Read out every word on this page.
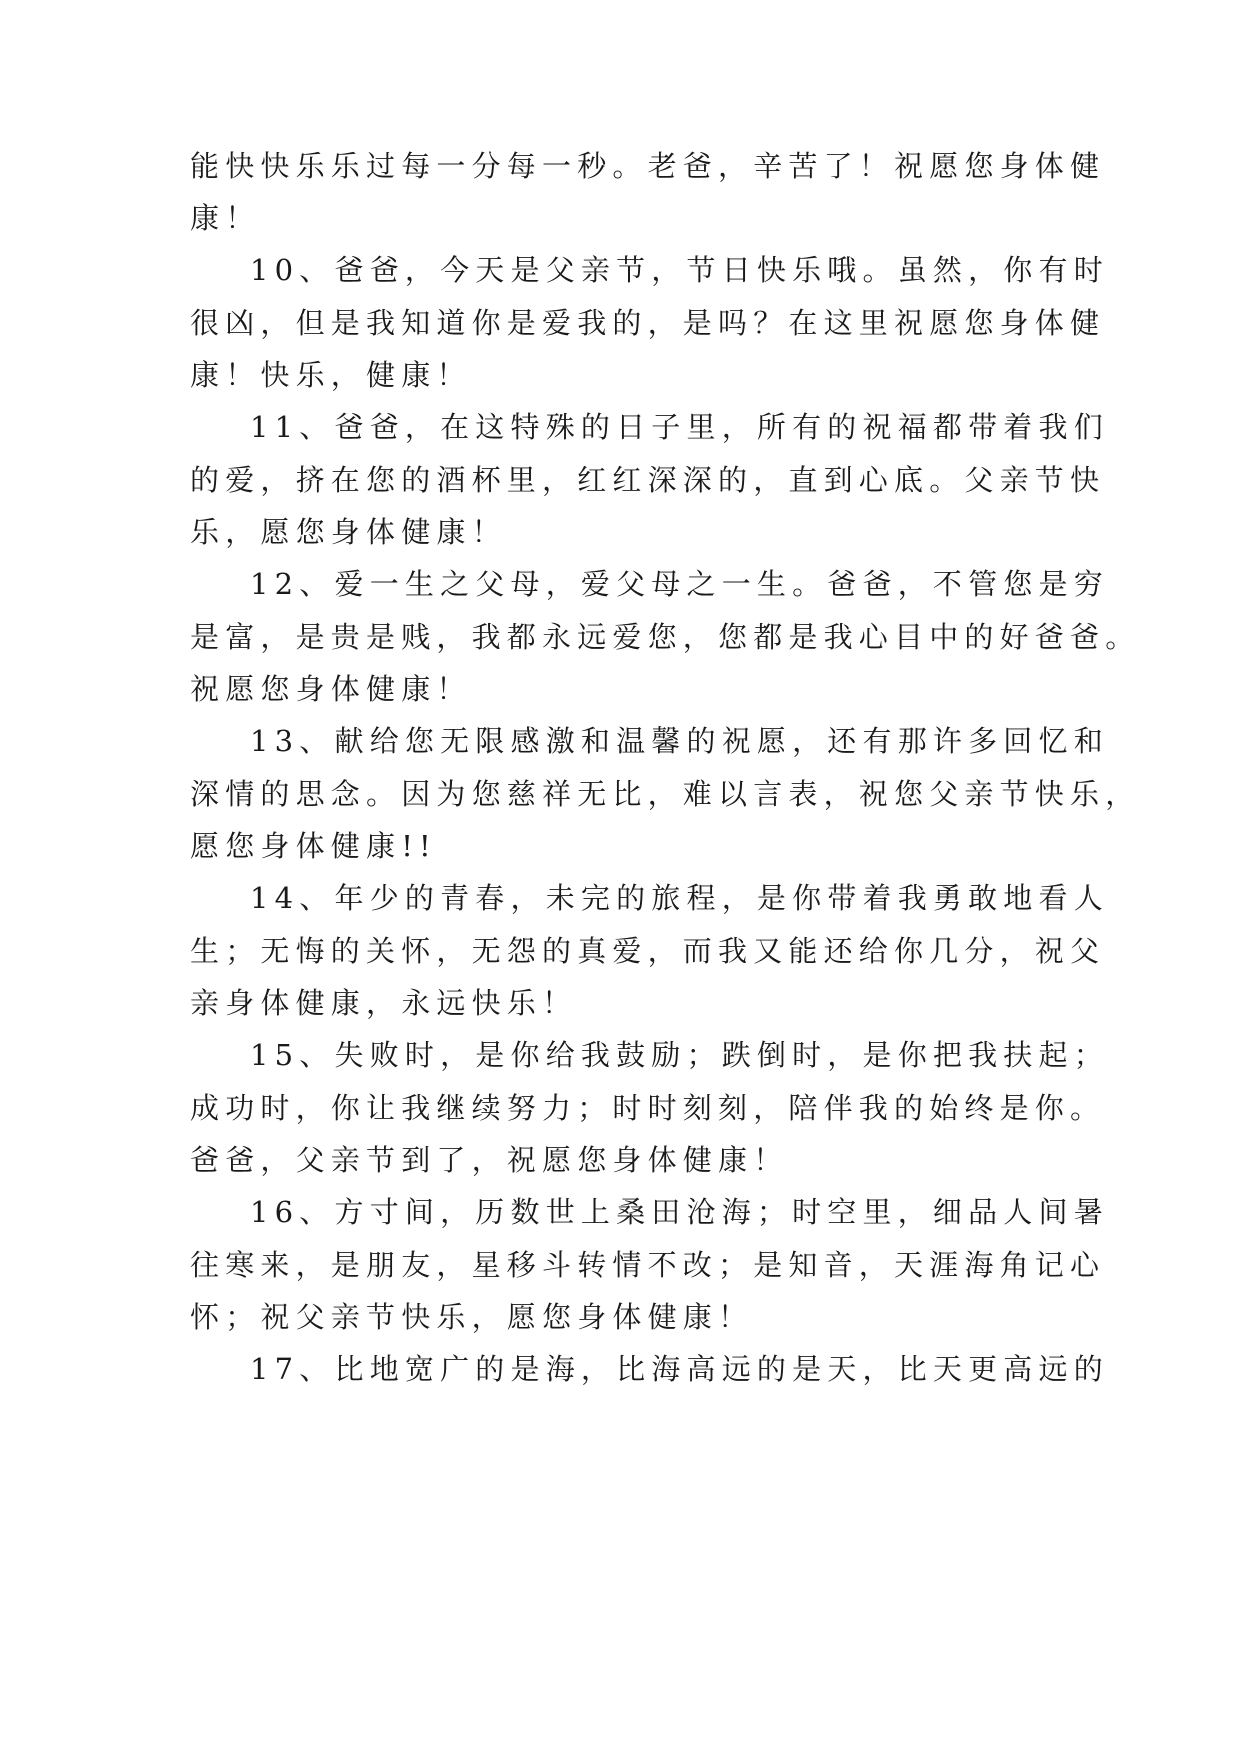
能快快乐乐过每一分每一秒。老爸，辛苦了！祝愿您身体健
康！
10、爸爸，今天是父亲节，节日快乐哦。虽然，你有时
很凶，但是我知道你是爱我的，是吗？在这里祝愿您身体健
康！快乐，健康！
11、爸爸，在这特殊的日子里，所有的祝福都带着我们
的爱，挤在您的酒杯里，红红深深的，直到心底。父亲节快
乐，愿您身体健康！
12、爱一生之父母，爱父母之一生。爸爸，不管您是穷
是富，是贵是贱，我都永远爱您，您都是我心目中的好爸爸。
祝愿您身体健康！
13、献给您无限感激和温馨的祝愿，还有那许多回忆和
深情的思念。因为您慈祥无比，难以言表，祝您父亲节快乐，
愿您身体健康!!
14、年少的青春，未完的旅程，是你带着我勇敢地看人
生；无悔的关怀，无怨的真爱，而我又能还给你几分，祝父
亲身体健康，永远快乐！
15、失败时，是你给我鼓励；跌倒时，是你把我扶起；
成功时，你让我继续努力；时时刻刻，陪伴我的始终是你。
爸爸，父亲节到了，祝愿您身体健康！
16、方寸间，历数世上桑田沧海；时空里，细品人间暑
往寒来，是朋友，星移斗转情不改；是知音，天涯海角记心
怀；祝父亲节快乐，愿您身体健康！
17、比地宽广的是海，比海高远的是天，比天更高远的
